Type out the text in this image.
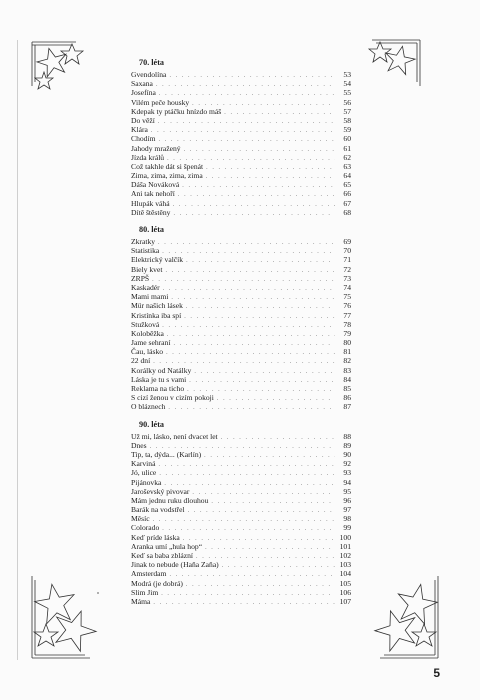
70. léta
Gvendolína . . .	53
Saxana . . .	54
Josefína . . .	55
Vilém peče housky . . .	56
Kdepak ty ptáčku hnízdo máš . . .	57
Do věží . . .	58
Klára . . .	59
Chodím . . .	60
Jahody mražený . . .	61
Jízda králů . . .	62
Což takhle dát si špenát . . .	63
Zima, zima, zima, zima . . .	64
Dáša Nováková . . .	65
Ani tak nehoří . . .	66
Hlupák váhá . . .	67
Dítě štěstěny . . .	68
80. léta
Zkratky . . .	69
Statistika . . .	70
Elektrický valčík . . .	71
Biely kvet . . .	72
ZRPŠ . . .	73
Kaskadér . . .	74
Mami mami . . .	75
Mür našich lásek . . .	76
Kristínka iba spí . . .	77
Stužková . . .	78
Koloběžka . . .	79
Jame sehraní . . .	80
Čau, lásko . . .	81
22 dní . . .	82
Korálky od Natálky . . .	83
Láska je tu s vami . . .	84
Reklama na ticho . . .	85
S cizí ženou v cizím pokoji . . .	86
O bláznech . . .	87
90. léta
Už mi, lásko, není dvacet let . . .	88
Dnes . . .	89
Tip, ta, dýda... (Karlín) . . .	90
Karviná . . .	92
Jó, ulice . . .	93
Pijánovka . . .	94
Jaroševský pivovar . . .	95
Mám jednu ruku dlouhou . . .	96
Barák na vodstřel . . .	97
Měsíc . . .	98
Colorado . . .	99
Keď príde láska . . .	100
Aranka umí „hula hop“ . . .	101
Keď sa baba zblázní . . .	102
Jinak to nebude (Haňa Zaňa) . . .	103
Amsterdam . . .	104
Modrá (je dobrá) . . .	105
Slim Jim . . .	106
Máma . . .	107
5
